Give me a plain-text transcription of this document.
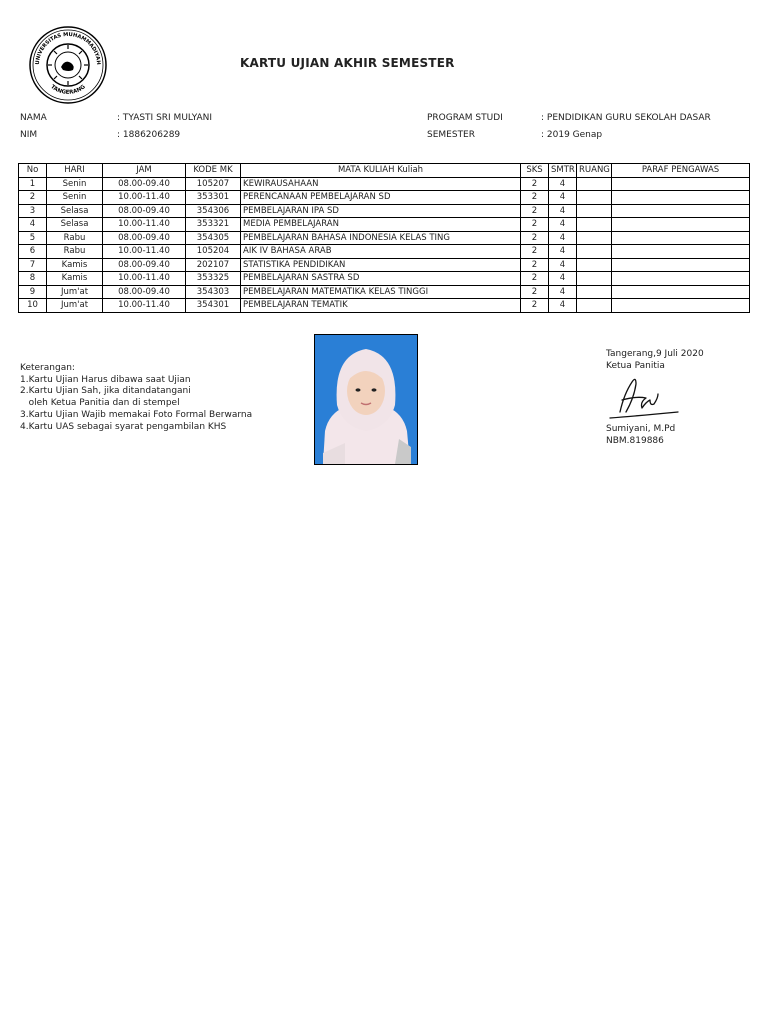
UNIVERSITAS MUHAMMADIYAH
TANGERANG
KARTU UJIAN AKHIR SEMESTER
NAMA	: TYASTI SRI MULYANI
NIM	: 1886206289
PROGRAM STUDI	: PENDIDIKAN GURU SEKOLAH DASAR
SEMESTER	: 2019 Genap
No	HARI	JAM	KODE MK	MATA KULIAH Kuliah	SKS	SMTR	RUANG	PARAF PENGAWAS
1	Senin	08.00-09.40	105207	KEWIRAUSAHAAN	2	4		
2	Senin	10.00-11.40	353301	PERENCANAAN PEMBELAJARAN SD	2	4		
3	Selasa	08.00-09.40	354306	PEMBELAJARAN IPA SD	2	4		
4	Selasa	10.00-11.40	353321	MEDIA PEMBELAJARAN	2	4		
5	Rabu	08.00-09.40	354305	PEMBELAJARAN BAHASA INDONESIA KELAS TING	2	4		
6	Rabu	10.00-11.40	105204	AIK IV BAHASA ARAB	2	4		
7	Kamis	08.00-09.40	202107	STATISTIKA PENDIDIKAN	2	4		
8	Kamis	10.00-11.40	353325	PEMBELAJARAN SASTRA SD	2	4		
9	Jum'at	08.00-09.40	354303	PEMBELAJARAN MATEMATIKA KELAS TINGGI	2	4		
10	Jum'at	10.00-11.40	354301	PEMBELAJARAN TEMATIK	2	4		
Keterangan:
1.Kartu Ujian Harus dibawa saat Ujian
2.Kartu Ujian Sah, jika ditandatangani
oleh Ketua Panitia dan di stempel
3.Kartu Ujian Wajib memakai Foto Formal Berwarna
4.Kartu UAS sebagai syarat pengambilan KHS
Tangerang,9 Juli 2020
Ketua Panitia
Sumiyani, M.Pd
NBM.819886
